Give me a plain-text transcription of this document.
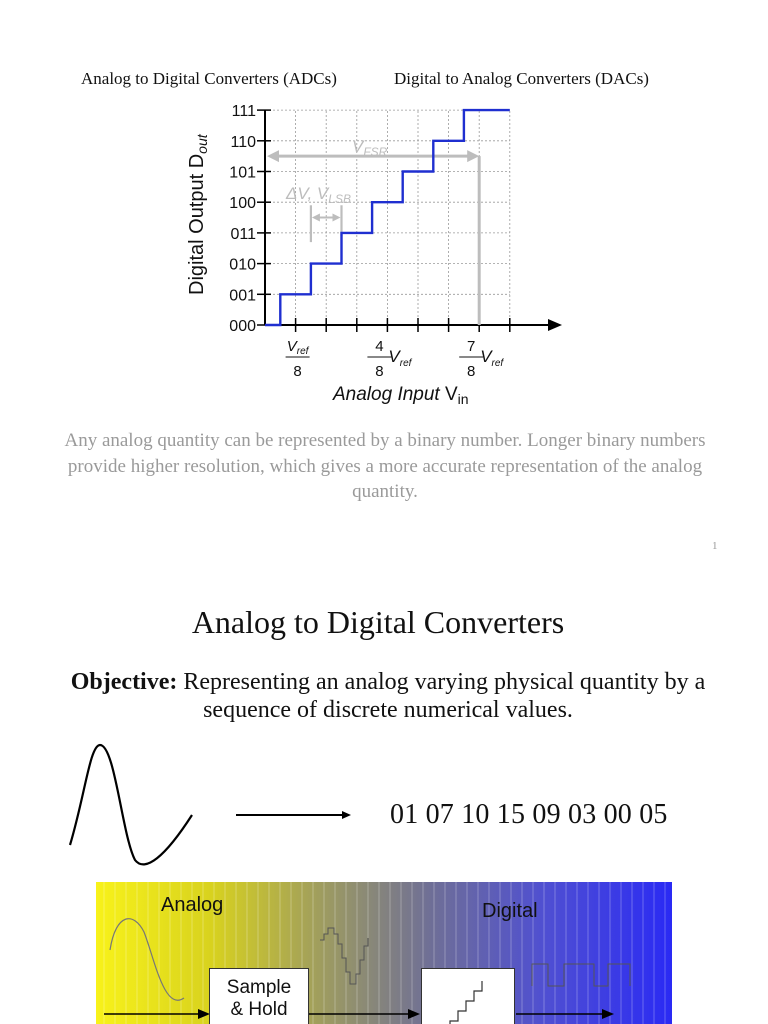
Analog to Digital Converters (ADCs)	Digital to Analog Converters (DACs)
$V_{FSR}$
ΔV, $V_{LSB}$
000
001
010
011
100
101
110
111
$V_{ref}$
8
4
8
$V_{ref}$
7
8
$V_{ref}$
Digital Output $D_{out}$
Analog Input $V_{in}$
Any analog quantity can be represented by a binary number. Longer binary numbers provide higher resolution, which gives a more accurate representation of the analog quantity.
1
Analog to Digital Converters
Objective: Representing an analog varying physical quantity by a sequence of discrete numerical values.
01 07 10 15 09 03 00 05
Analog	Digital
Sample
& Hold
